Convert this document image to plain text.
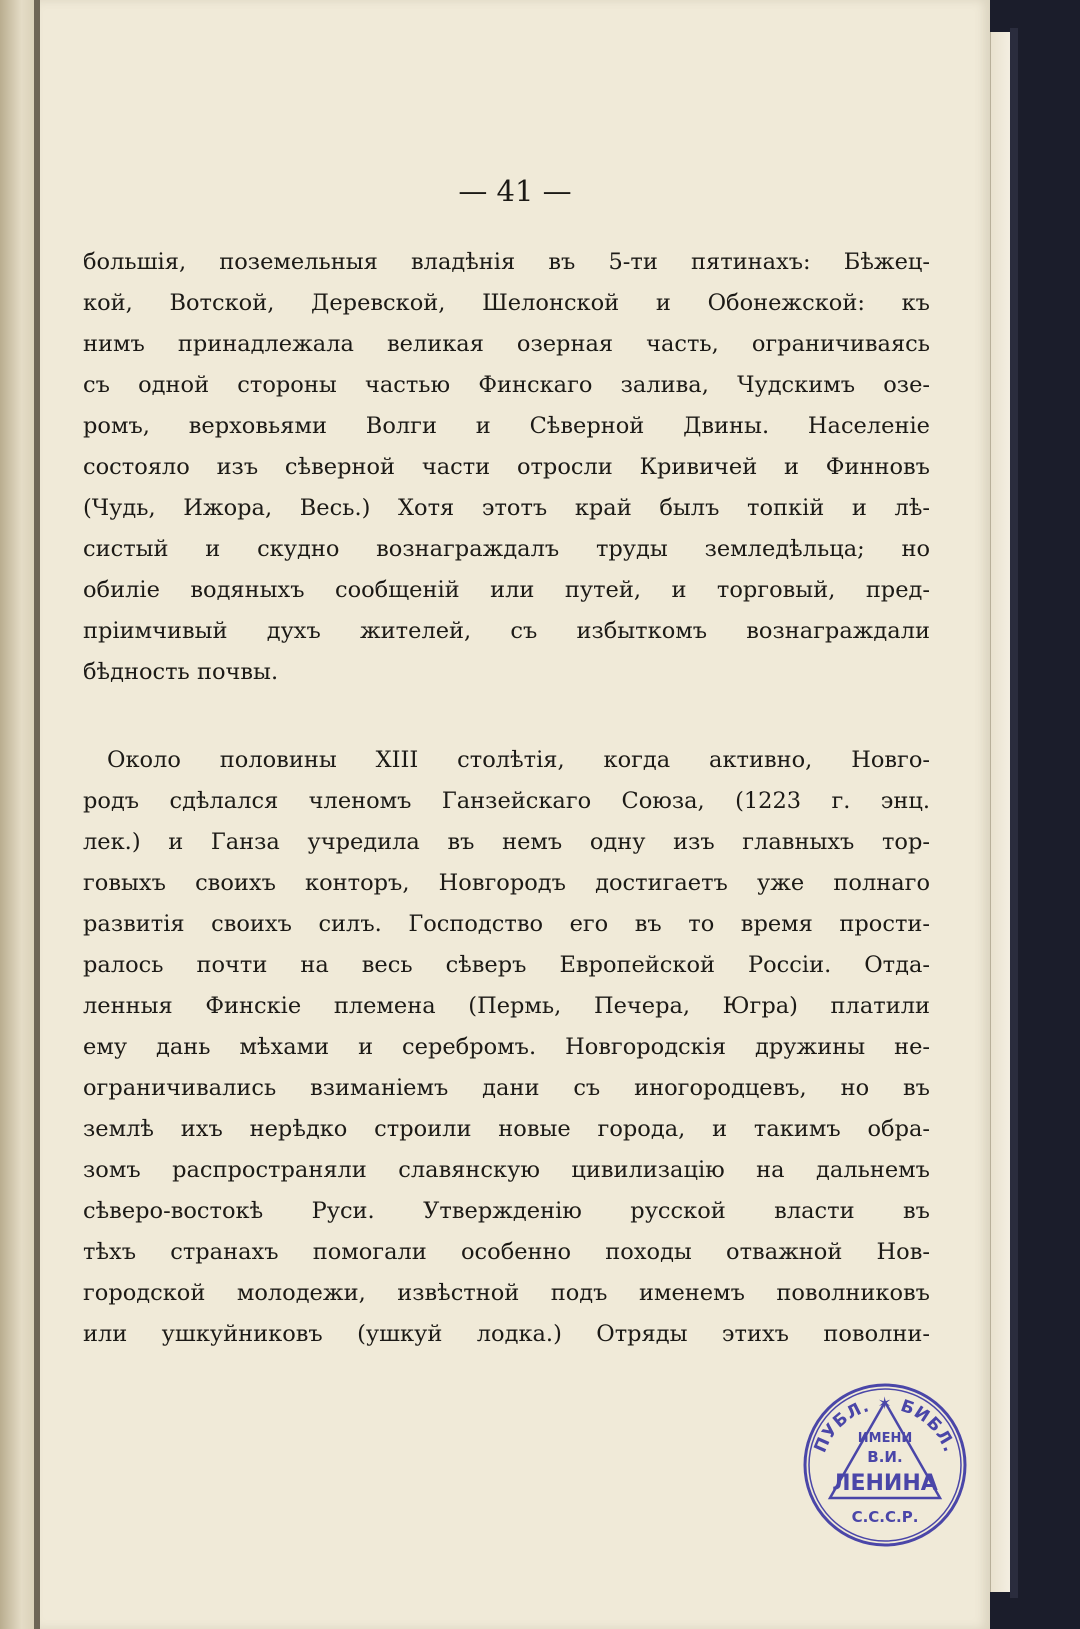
— 41 —
большія, поземельныя владѣнія въ 5-ти пятинахъ: Бѣжец-
кой, Вотской, Деревской, Шелонской и Обонежской: къ
нимъ принадлежала великая озерная часть, ограничиваясь
съ одной стороны частью Финскаго залива, Чудскимъ озе-
ромъ, верховьями Волги и Сѣверной Двины. Населеніе
состояло изъ сѣверной части отросли Кривичей и Финновъ
(Чудь, Ижора, Весь.) Хотя этотъ край былъ топкій и лѣ-
систый и скудно вознаграждалъ труды земледѣльца; но
обиліе водяныхъ сообщеній или путей, и торговый, пред-
пріимчивый духъ жителей, съ избыткомъ вознаграждали
бѣдность почвы.
Около половины XIII столѣтія, когда активно, Новго-
родъ сдѣлался членомъ Ганзейскаго Союза, (1223 г. энц.
лек.) и Ганза учредила въ немъ одну изъ главныхъ тор-
говыхъ своихъ конторъ, Новгородъ достигаетъ уже полнаго
развитія своихъ силъ. Господство его въ то время прости-
ралось почти на весь сѣверъ Европейской Россіи. Отда-
ленныя Финскіе племена (Пермь, Печера, Югра) платили
ему дань мѣхами и серебромъ. Новгородскія дружины не-
ограничивались взиманіемъ дани съ иногородцевъ, но въ
землѣ ихъ нерѣдко строили новые города, и такимъ обра-
зомъ распространяли славянскую цивилизацію на дальнемъ
сѣверо-востокѣ Руси. Утвержденію русской власти въ
тѣхъ странахъ помогали особенно походы отважной Нов-
городской молодежи, извѣстной подъ именемъ поволниковъ
или ушкуйниковъ (ушкуй лодка.) Отряды этихъ поволни-
ПУБЛ. ✶ БИБЛ.
ИМЕНИ
В.И.
ЛЕНИНА
С.С.С.Р.
